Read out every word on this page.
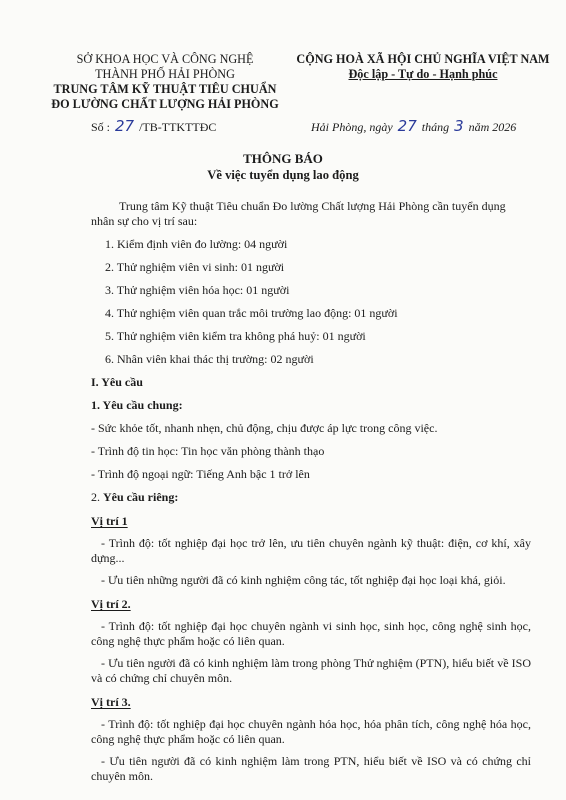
SỞ KHOA HỌC VÀ CÔNG NGHỆ
THÀNH PHỐ HẢI PHÒNG
TRUNG TÂM KỸ THUẬT TIÊU CHUẨN
ĐO LƯỜNG CHẤT LƯỢNG HẢI PHÒNG
CỘNG HOÀ XÃ HỘI CHỦ NGHĨA VIỆT NAM
Độc lập - Tự do - Hạnh phúc
Số : 27 /TB-TTKTTĐC	Hải Phòng, ngày 27 tháng 3 năm 2026
THÔNG BÁO
Về việc tuyển dụng lao động

Trung tâm Kỹ thuật Tiêu chuẩn Đo lường Chất lượng Hải Phòng cần tuyển dụng nhân sự cho vị trí sau:

1. Kiểm định viên đo lường: 04 người

2. Thử nghiệm viên vi sinh: 01 người

3. Thử nghiệm viên hóa học: 01 người

4. Thử nghiệm viên quan trắc môi trường lao động: 01 người

5. Thử nghiệm viên kiểm tra không phá huỷ: 01 người

6. Nhân viên khai thác thị trường: 02 người

I. Yêu cầu

1. Yêu cầu chung:

- Sức khỏe tốt, nhanh nhẹn, chủ động, chịu được áp lực trong công việc.

- Trình độ tin học: Tin học văn phòng thành thạo

- Trình độ ngoại ngữ: Tiếng Anh bậc 1 trở lên

2. Yêu cầu riêng:

Vị trí 1

- Trình độ: tốt nghiệp đại học trở lên, ưu tiên chuyên ngành kỹ thuật: điện, cơ khí, xây dựng...

- Ưu tiên những người đã có kinh nghiệm công tác, tốt nghiệp đại học loại khá, giỏi.

Vị trí 2.

- Trình độ: tốt nghiệp đại học chuyên ngành vi sinh học, sinh học, công nghệ sinh học, công nghệ thực phẩm hoặc có liên quan.

- Ưu tiên người đã có kinh nghiệm làm trong phòng Thử nghiệm (PTN), hiểu biết về ISO và có chứng chỉ chuyên môn.

Vị trí 3.

- Trình độ: tốt nghiệp đại học chuyên ngành hóa học, hóa phân tích, công nghệ hóa học, công nghệ thực phẩm hoặc có liên quan.

- Ưu tiên người đã có kinh nghiệm làm trong PTN, hiểu biết về ISO và có chứng chỉ chuyên môn.
